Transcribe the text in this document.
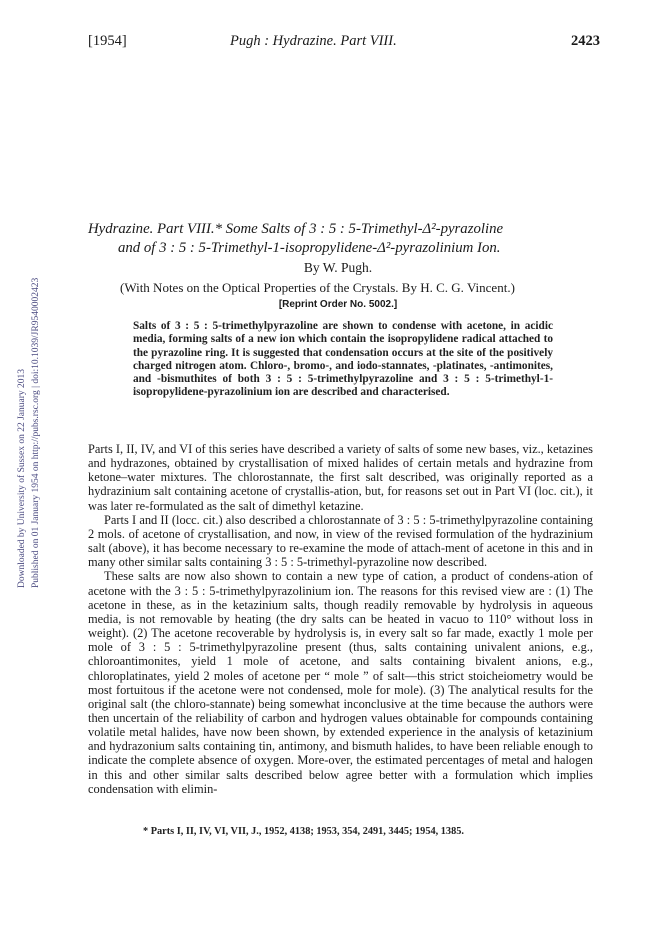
[1954]	Pugh : Hydrazine. Part VIII.	2423
Downloaded by University of Sussex on 22 January 2013 Published on 01 January 1954 on http://pubs.rsc.org | doi:10.1039/JR9540002423
Hydrazine. Part VIII.* Some Salts of 3 : 5 : 5-Trimethyl-Δ²-pyrazoline
and of 3 : 5 : 5-Trimethyl-1-isopropylidene-Δ²-pyrazolinium Ion.
By W. Pugh.
(With Notes on the Optical Properties of the Crystals. By H. C. G. Vincent.)
[Reprint Order No. 5002.]
Salts of 3 : 5 : 5-trimethylpyrazoline are shown to condense with acetone, in acidic media, forming salts of a new ion which contain the isopropylidene radical attached to the pyrazoline ring. It is suggested that condensation occurs at the site of the positively charged nitrogen atom. Chloro-, bromo-, and iodo-stannates, -platinates, -antimonites, and -bismuthites of both 3 : 5 : 5-trimethylpyrazoline and 3 : 5 : 5-trimethyl-1-isopropylidene-pyrazolinium ion are described and characterised.

Parts I, II, IV, and VI of this series have described a variety of salts of some new bases, viz., ketazines and hydrazones, obtained by crystallisation of mixed halides of certain metals and hydrazine from ketone–water mixtures. The chlorostannate, the first salt described, was originally reported as a hydrazinium salt containing acetone of crystallis-ation, but, for reasons set out in Part VI (loc. cit.), it was later re-formulated as the salt of dimethyl ketazine.

Parts I and II (locc. cit.) also described a chlorostannate of 3 : 5 : 5-trimethylpyrazoline containing 2 mols. of acetone of crystallisation, and now, in view of the revised formulation of the hydrazinium salt (above), it has become necessary to re-examine the mode of attach-ment of acetone in this and in many other similar salts containing 3 : 5 : 5-trimethyl-pyrazoline now described.

These salts are now also shown to contain a new type of cation, a product of condens-ation of acetone with the 3 : 5 : 5-trimethylpyrazolinium ion. The reasons for this revised view are : (1) The acetone in these, as in the ketazinium salts, though readily removable by hydrolysis in aqueous media, is not removable by heating (the dry salts can be heated in vacuo to 110° without loss in weight). (2) The acetone recoverable by hydrolysis is, in every salt so far made, exactly 1 mole per mole of 3 : 5 : 5-trimethylpyrazoline present (thus, salts containing univalent anions, e.g., chloroantimonites, yield 1 mole of acetone, and salts containing bivalent anions, e.g., chloroplatinates, yield 2 moles of acetone per “ mole ” of salt—this strict stoicheiometry would be most fortuitous if the acetone were not condensed, mole for mole). (3) The analytical results for the original salt (the chloro-stannate) being somewhat inconclusive at the time because the authors were then uncertain of the reliability of carbon and hydrogen values obtainable for compounds containing volatile metal halides, have now been shown, by extended experience in the analysis of ketazinium and hydrazonium salts containing tin, antimony, and bismuth halides, to have been reliable enough to indicate the complete absence of oxygen. More-over, the estimated percentages of metal and halogen in this and other similar salts described below agree better with a formulation which implies condensation with elimin-

* Parts I, II, IV, VI, VII, J., 1952, 4138; 1953, 354, 2491, 3445; 1954, 1385.
